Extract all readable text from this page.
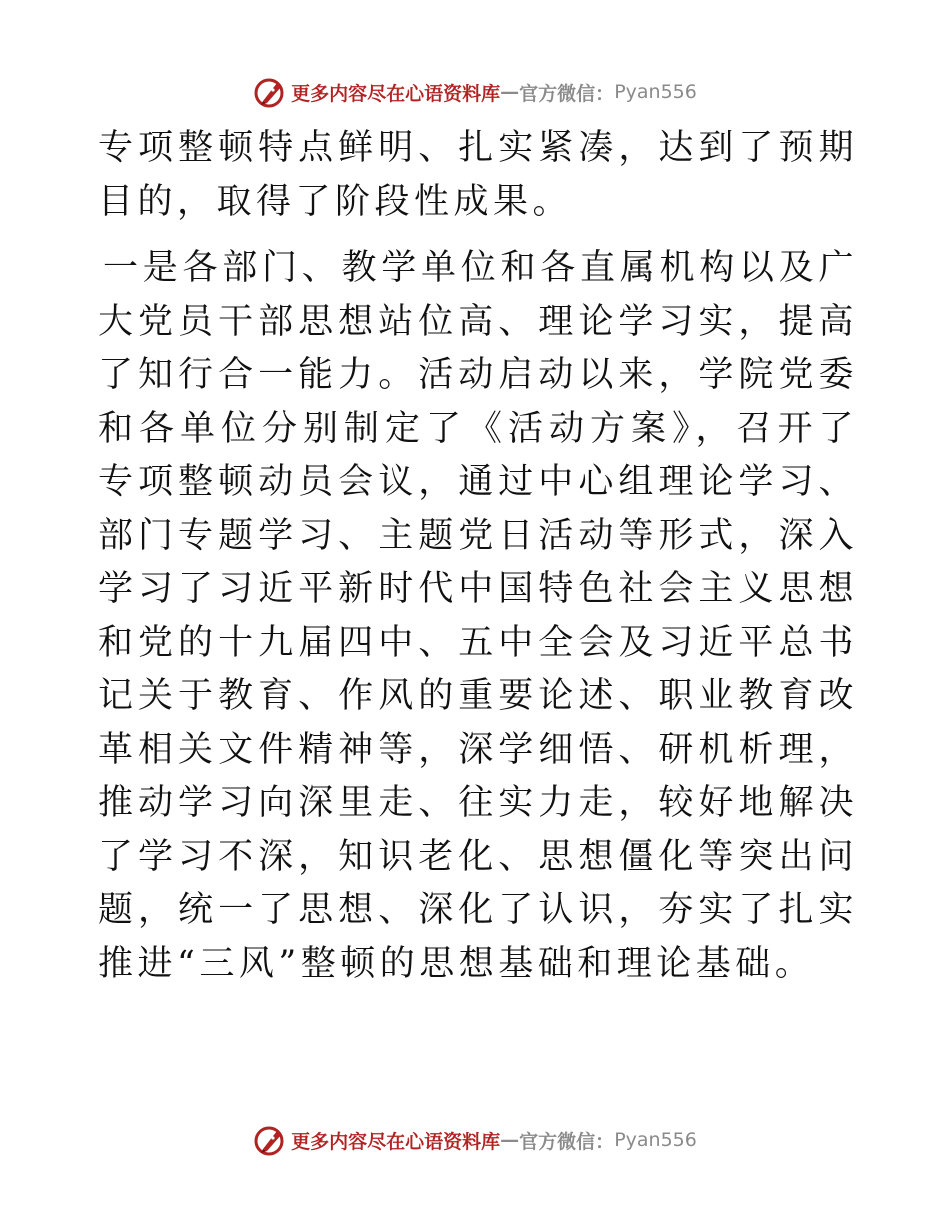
更多内容尽在心语资料库 — 官方微信： Pyan556

专项整顿特点鲜明、扎实紧凑，达到了预期目的，取得了阶段性成果。

一是各部门、教学单位和各直属机构以及广大党员干部思想站位高、理论学习实，提高了知行合一能力。活动启动以来，学院党委和各单位分别制定了《活动方案》，召开了专项整顿动员会议，通过中心组理论学习、部门专题学习、主题党日活动等形式，深入学习了习近平新时代中国特色社会主义思想和党的十九届四中、五中全会及习近平总书记关于教育、作风的重要论述、职业教育改革相关文件精神等，深学细悟、研机析理，推动学习向深里走、往实力走，较好地解决了学习不深，知识老化、思想僵化等突出问题，统一了思想、深化了认识，夯实了扎实推进“三风”整顿的思想基础和理论基础。

更多内容尽在心语资料库 — 官方微信： Pyan556
